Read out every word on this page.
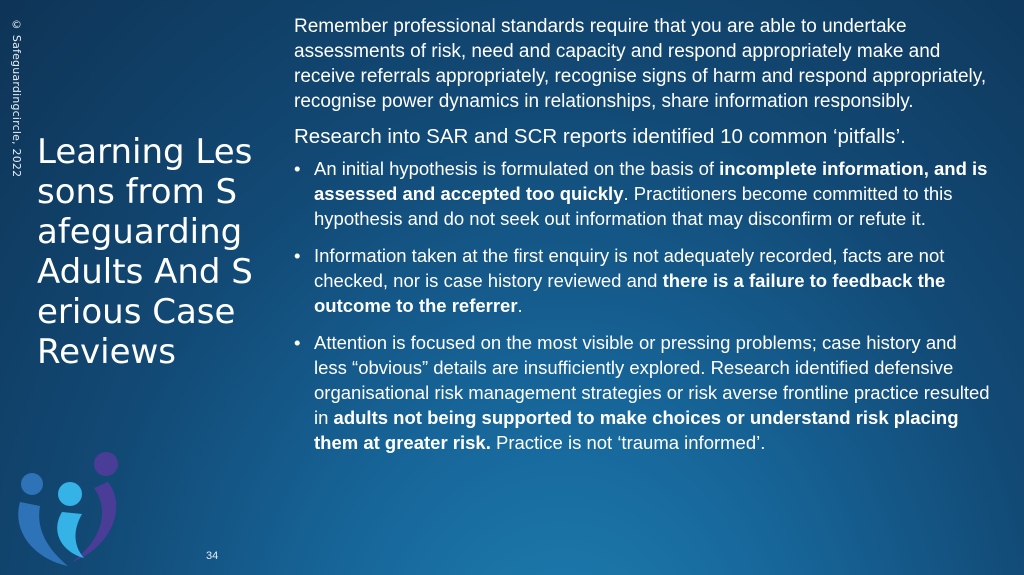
© Safeguardingcircle, 2022 Learning Lessons from Safeguarding Adults And Serious Case Reviews
34

Remember professional standards require that you are able to undertake assessments of risk, need and capacity and respond appropriately make and receive referrals appropriately, recognise signs of harm and respond appropriately, recognise power dynamics in relationships, share information responsibly.

Research into SAR and SCR reports identified 10 common ‘pitfalls’.

• An initial hypothesis is formulated on the basis of incomplete information, and is assessed and accepted too quickly. Practitioners become committed to this hypothesis and do not seek out information that may disconfirm or refute it.
• Information taken at the first enquiry is not adequately recorded, facts are not checked, nor is case history reviewed and there is a failure to feedback the outcome to the referrer.
• Attention is focused on the most visible or pressing problems; case history and less “obvious” details are insufficiently explored. Research identified defensive organisational risk management strategies or risk averse frontline practice resulted in adults not being supported to make choices or understand risk placing them at greater risk. Practice is not ‘trauma informed’.
